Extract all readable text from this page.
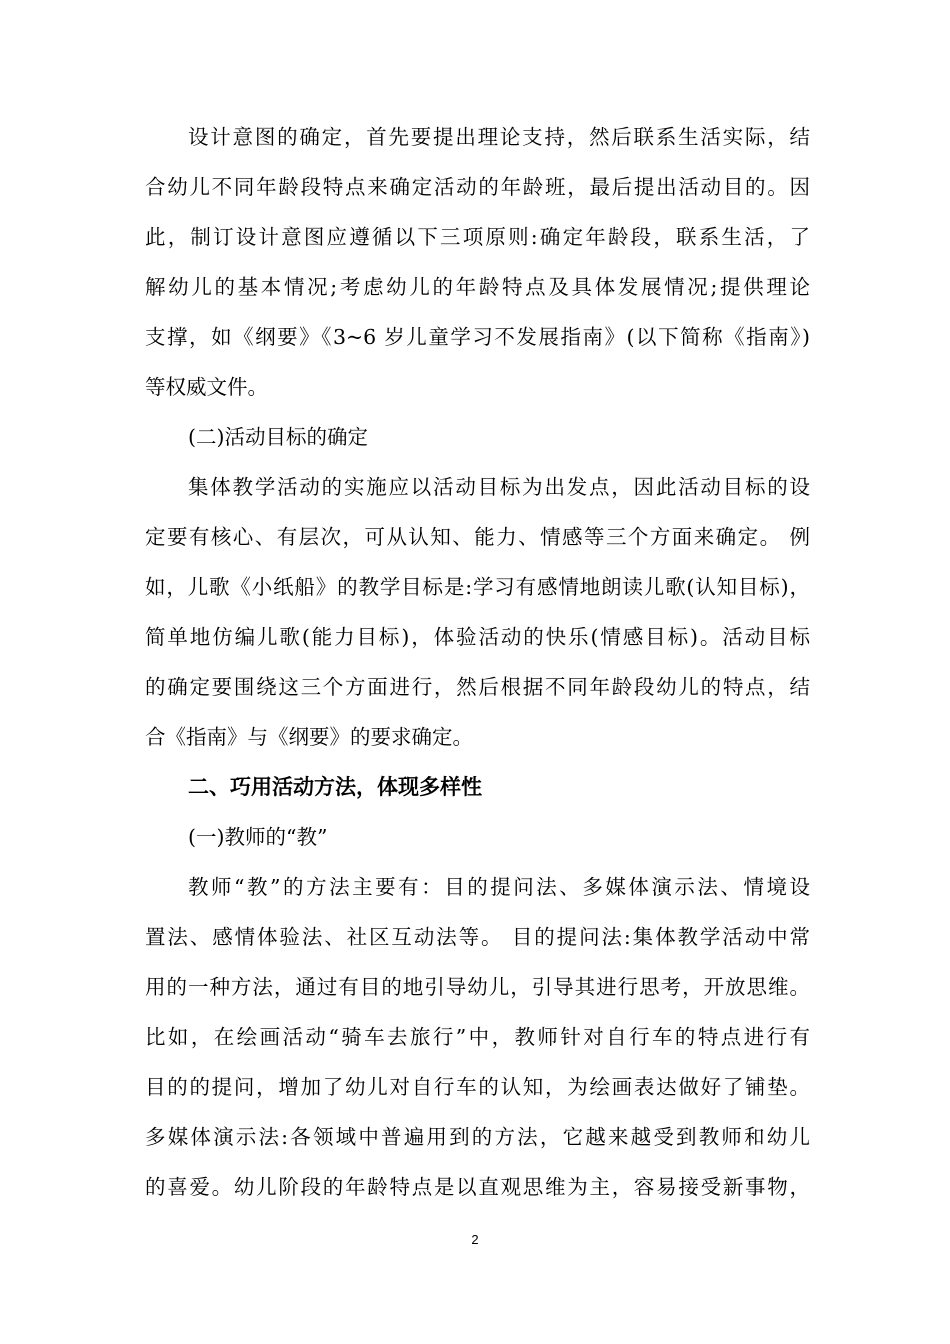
设计意图的确定，首先要提出理论支持，然后联系生活实际，结
合幼儿不同年龄段特点来确定活动的年龄班，最后提出活动目的。因
此，制订设计意图应遵循以下三项原则:确定年龄段，联系生活，了
解幼儿的基本情况;考虑幼儿的年龄特点及具体发展情况;提供理论
支撑，如《纲要》《3~6 岁儿童学习不发展指南》(以下简称《指南》)
等权威文件。
(二)活动目标的确定
集体教学活动的实施应以活动目标为出发点，因此活动目标的设
定要有核心、有层次，可从认知、能力、情感等三个方面来确定。 例
如，儿歌《小纸船》的教学目标是:学习有感情地朗读儿歌(认知目标)，
简单地仿编儿歌(能力目标)，体验活动的快乐(情感目标)。活动目标
的确定要围绕这三个方面进行，然后根据不同年龄段幼儿的特点，结
合《指南》与《纲要》的要求确定。
二、巧用活动方法，体现多样性
(一)教师的“教”
教师“教”的方法主要有：目的提问法、多媒体演示法、情境设
置法、感情体验法、社区互动法等。 目的提问法:集体教学活动中常
用的一种方法，通过有目的地引导幼儿，引导其进行思考，开放思维。
比如，在绘画活动“骑车去旅行”中，教师针对自行车的特点进行有
目的的提问，增加了幼儿对自行车的认知，为绘画表达做好了铺垫。
多媒体演示法:各领域中普遍用到的方法，它越来越受到教师和幼儿
的喜爱。幼儿阶段的年龄特点是以直观思维为主，容易接受新事物，
2
